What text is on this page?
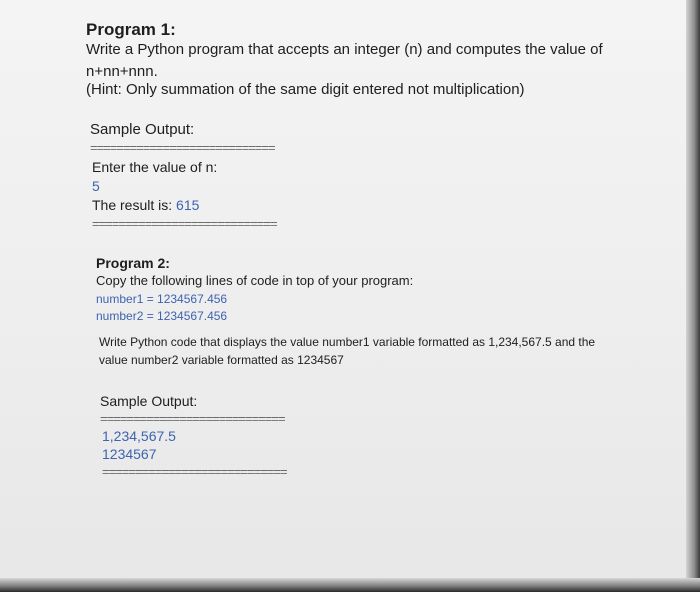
Program 1:

Write a Python program that accepts an integer (n) and computes the value of

n+nn+nnn.

(Hint: Only summation of the same digit entered not multiplication)

Sample Output:

============================

Enter the value of n:

5

The result is: 615

============================

Program 2:

Copy the following lines of code in top of your program:

number1 = 1234567.456

number2 = 1234567.456

Write Python code that displays the value number1 variable formatted as 1,234,567.5 and the

value number2 variable formatted as 1234567

Sample Output:

============================

1,234,567.5

1234567

============================
